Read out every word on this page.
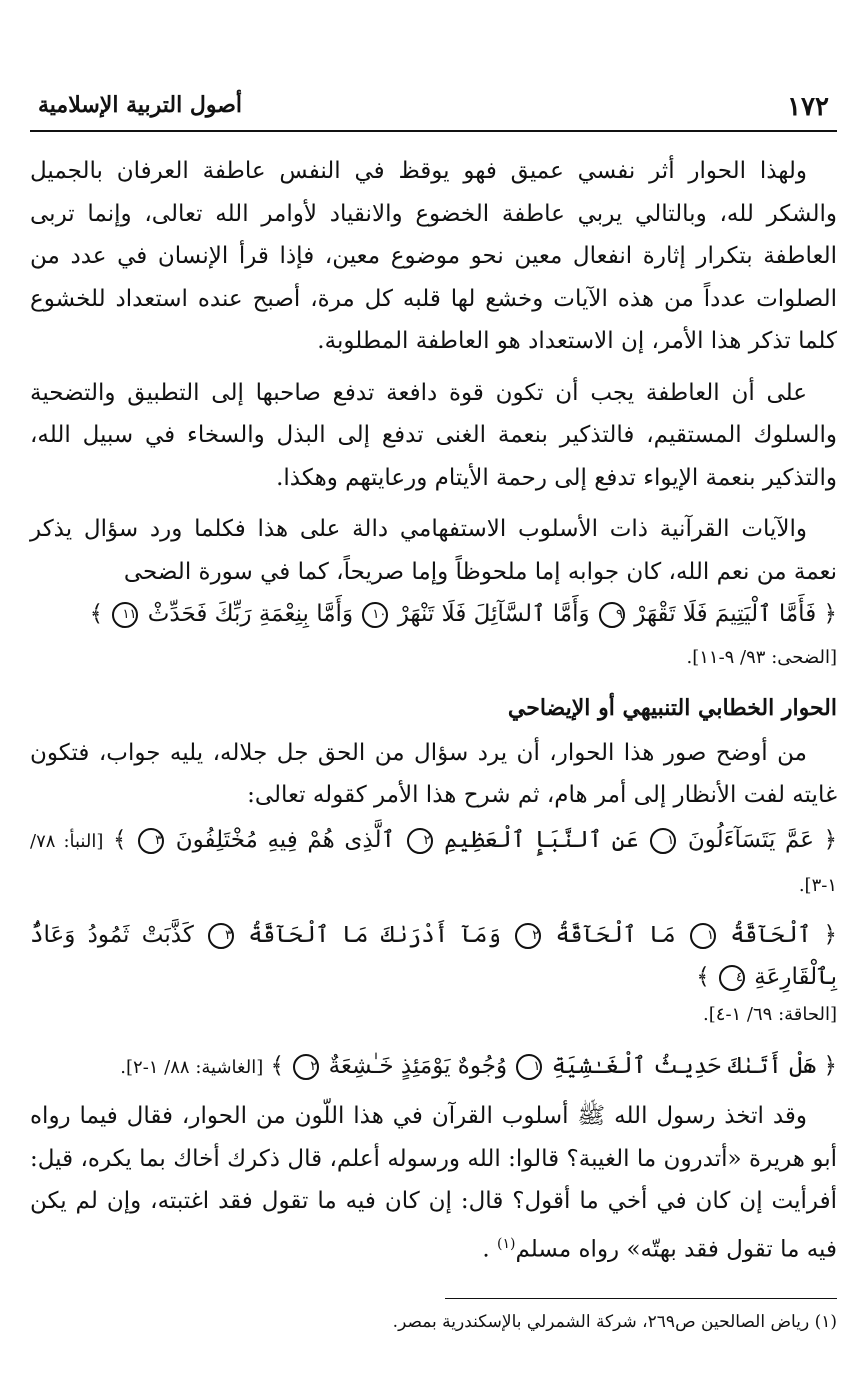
١٧٢
أصول التربية الإسلامية

ولهذا الحوار أثر نفسي عميق فهو يوقظ في النفس عاطفة العرفان بالجميل والشكر لله، وبالتالي يربي عاطفة الخضوع والانقياد لأوامر الله تعالى، وإنما تربى العاطفة بتكرار إثارة انفعال معين نحو موضوع معين، فإذا قرأ الإنسان في عدد من الصلوات عدداً من هذه الآيات وخشع لها قلبه كل مرة، أصبح عنده استعداد للخشوع كلما تذكر هذا الأمر، إن الاستعداد هو العاطفة المطلوبة.

على أن العاطفة يجب أن تكون قوة دافعة تدفع صاحبها إلى التطبيق والتضحية والسلوك المستقيم، فالتذكير بنعمة الغنى تدفع إلى البذل والسخاء في سبيل الله، والتذكير بنعمة الإيواء تدفع إلى رحمة الأيتام ورعايتهم وهكذا.

والآيات القرآنية ذات الأسلوب الاستفهامي دالة على هذا فكلما ورد سؤال يذكر نعمة من نعم الله، كان جوابه إما ملحوظاً وإما صريحاً، كما في سورة الضحى

﴿ فَأَمَّا ٱلْيَتِيمَ فَلَا تَقْهَرْ ٩ وَأَمَّا ٱلسَّآئِلَ فَلَا تَنْهَرْ ١٠ وَأَمَّا بِنِعْمَةِ رَبِّكَ فَحَدِّثْ ١١ ﴾

[الضحى: ٩٣/ ٩-١١].

الحوار الخطابي التنبيهي أو الإيضاحي

من أوضح صور هذا الحوار، أن يرد سؤال من الحق جل جلاله، يليه جواب، فتكون غايته لفت الأنظار إلى أمر هام، ثم شرح هذا الأمر كقوله تعالى:

﴿ عَمَّ يَتَسَآءَلُونَ ١ عَنِ ٱلنَّبَإِ ٱلْعَظِيمِ ٢ ٱلَّذِى هُمْ فِيهِ مُخْتَلِفُونَ ٣ ﴾ [النبأ: ٧٨/ ١-٣].

﴿ ٱلْحَآقَّةُ ١ مَا ٱلْحَآقَّةُ ٢ وَمَآ أَدْرَىٰكَ مَا ٱلْحَآقَّةُ ٣ كَذَّبَتْ ثَمُودُ وَعَادٌۢ بِٱلْقَارِعَةِ ٤ ﴾

[الحاقة: ٦٩/ ١-٤].

﴿ هَلْ أَتَىٰكَ حَدِيثُ ٱلْغَـٰشِيَةِ ١ وُجُوهٌ يَوْمَئِذٍ خَـٰشِعَةٌ ٢ ﴾ [الغاشية: ٨٨/ ١-٢].

وقد اتخذ رسول الله ﷺ أسلوب القرآن في هذا اللّون من الحوار، فقال فيما رواه أبو هريرة «أتدرون ما الغيبة؟ قالوا: الله ورسوله أعلم، قال ذكرك أخاك بما يكره، قيل: أفرأيت إن كان في أخي ما أقول؟ قال: إن كان فيه ما تقول فقد اغتبته، وإن لم يكن فيه ما تقول فقد بهتّه» رواه مسلم$^{(١)}$ .

(١) رياض الصالحين ص٢٦٩، شركة الشمرلي بالإسكندرية بمصر.
